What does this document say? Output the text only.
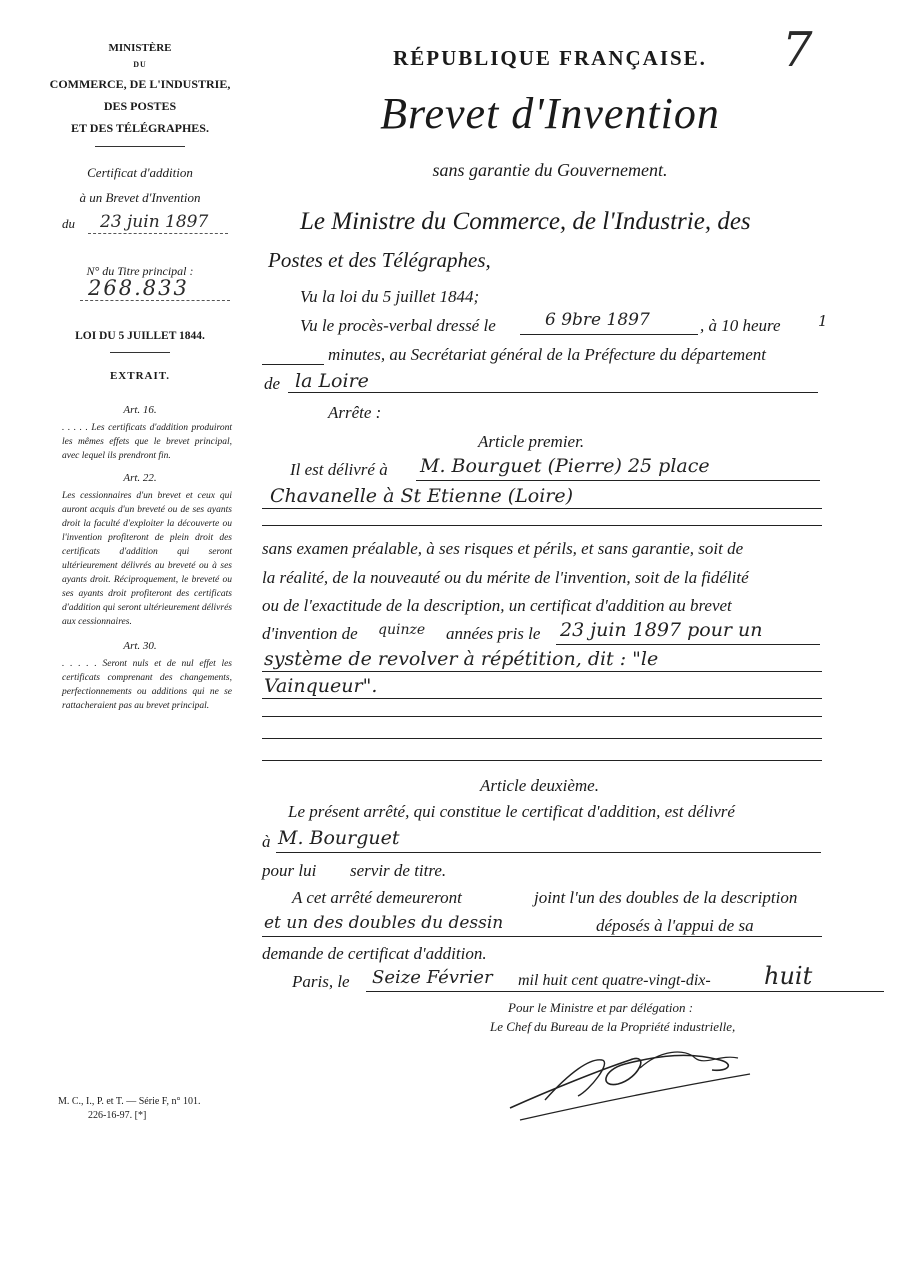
7
MINISTÈRE
DU
COMMERCE, DE L'INDUSTRIE,
DES POSTES
ET DES TÉLÉGRAPHES.
Certificat d'addition
à un Brevet d'Invention
du	23 juin 1897
N° du Titre principal :
268.833
LOI DU 5 JUILLET 1844.
EXTRAIT.
Art. 16.
. . . . . Les certificats d'addition produiront les mêmes effets que le brevet principal, avec lequel ils prendront fin.
Art. 22.
Les cessionnaires d'un brevet et ceux qui auront acquis d'un breveté ou de ses ayants droit la faculté d'exploiter la découverte ou l'invention profiteront de plein droit des certificats d'addition qui seront ultérieurement délivrés au breveté ou à ses ayants droit. Réciproquement, le breveté ou ses ayants droit profiteront des certificats d'addition qui seront ultérieurement délivrés aux cessionnaires.
Art. 30.
. . . . . Seront nuls et de nul effet les certificats comprenant des changements, perfectionnements ou additions qui ne se rattacheraient pas au brevet principal.
M. C., I., P. et T. — Série F, n° 101.
226-16-97. [*]
RÉPUBLIQUE FRANÇAISE.
Brevet d'Invention
sans garantie du Gouvernement.
Le Ministre du Commerce, de l'Industrie, des
Postes et des Télégraphes,
Vu la loi du 5 juillet 1844;
Vu le procès-verbal dressé le	6 9bre 1897	, à 10 heure 1
minutes, au Secrétariat général de la Préfecture du département
de la Loire
Arrête :
Article premier.
Il est délivré à M. Bourguet (Pierre) 25 place
Chavanelle à St Etienne (Loire)
sans examen préalable, à ses risques et périls, et sans garantie, soit de
la réalité, de la nouveauté ou du mérite de l'invention, soit de la fidélité
ou de l'exactitude de la description, un certificat d'addition au brevet
d'invention de quinze années pris le 23 juin 1897 pour un
système de revolver à répétition, dit : "le
Vainqueur".
Article deuxième.
Le présent arrêté, qui constitue le certificat d'addition, est délivré
à M. Bourguet
pour lui servir de titre.
A cet arrêté demeureront	joint l'un des doubles de la description
et un des doubles du dessin	déposés à l'appui de sa
demande de certificat d'addition.
Paris, le Seize Février mil huit cent quatre-vingt-dix- huit
Pour le Ministre et par délégation :
Le Chef du Bureau de la Propriété industrielle,
